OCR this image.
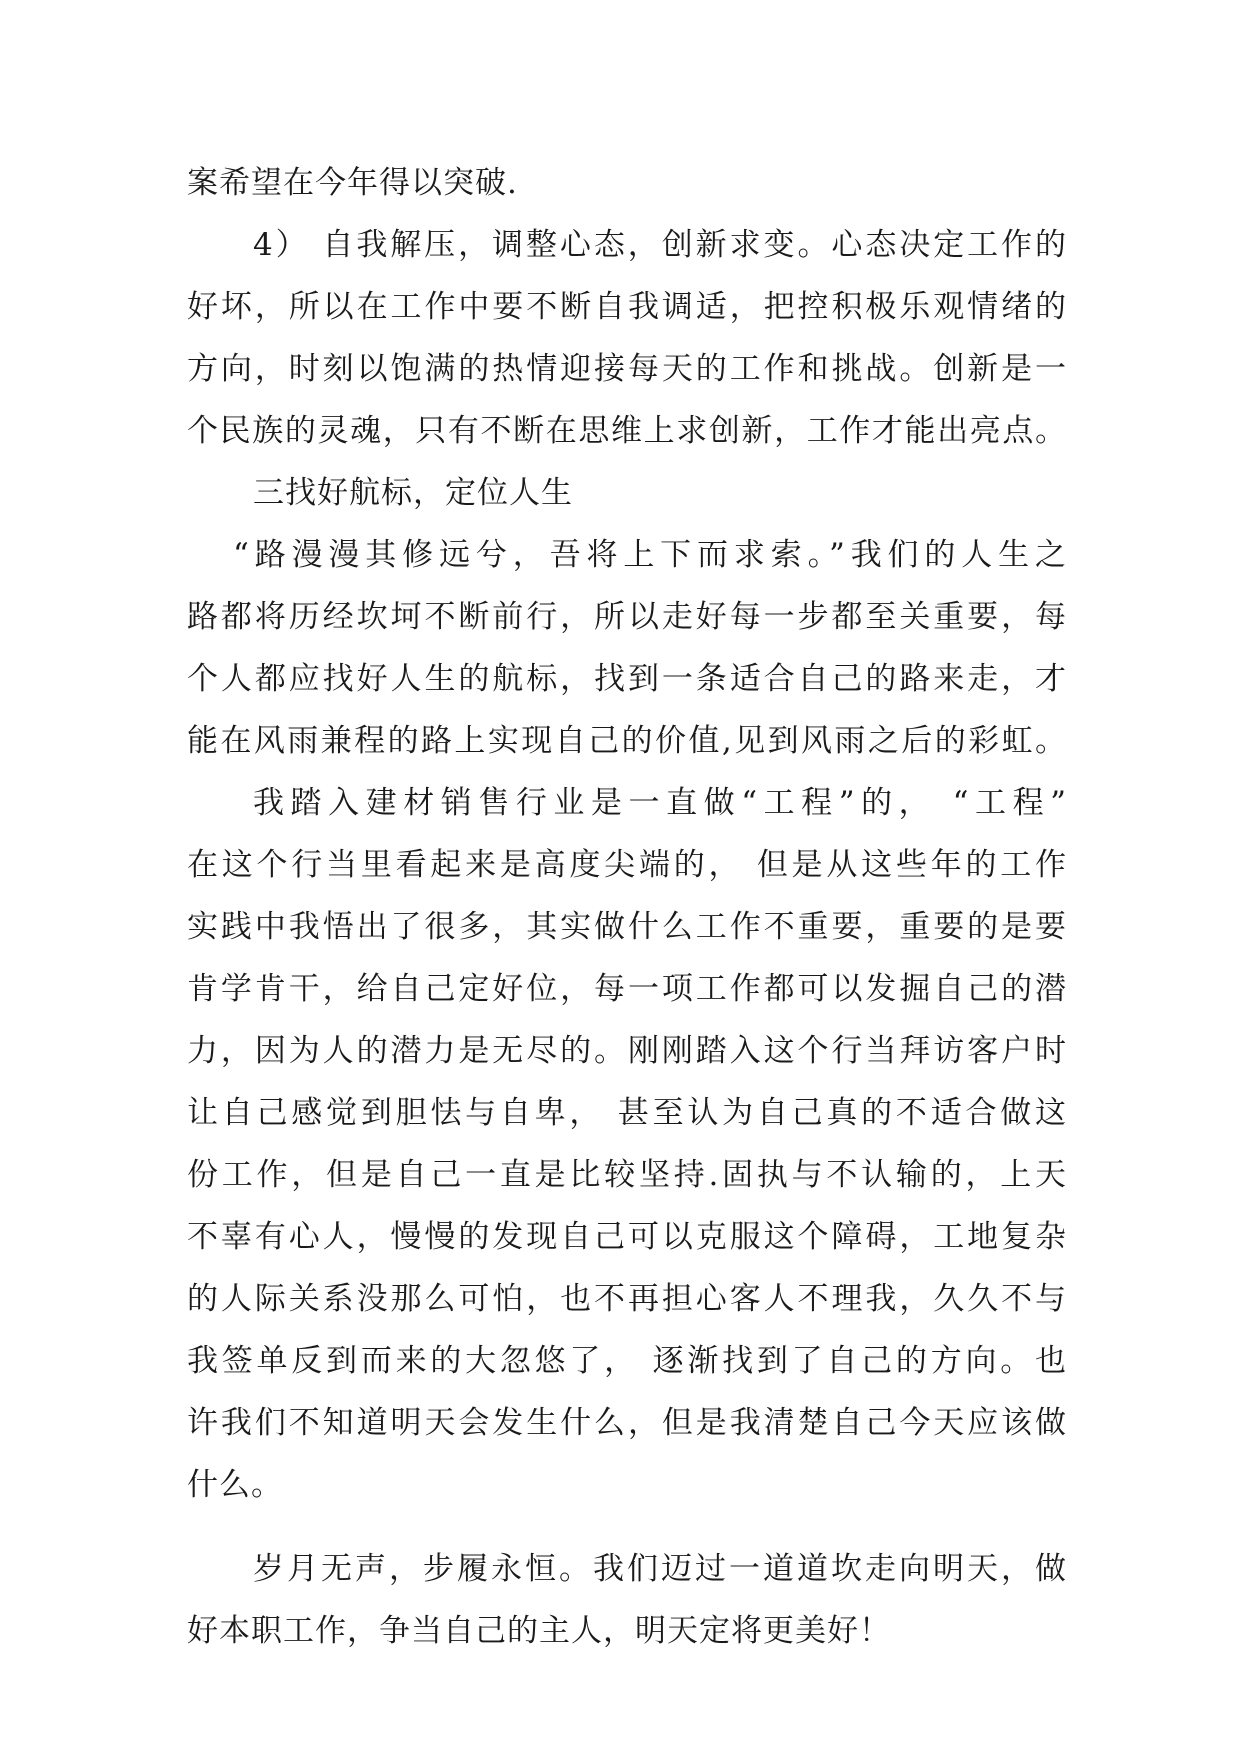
案希望在今年得以突破.
4） 自我解压，调整心态，创新求变。心态决定工作的
好坏，所以在工作中要不断自我调适，把控积极乐观情绪的
方向，时刻以饱满的热情迎接每天的工作和挑战。创新是一
个民族的灵魂，只有不断在思维上求创新，工作才能出亮点。
三找好航标，定位人生
“路漫漫其修远兮，吾将上下而求索。”我们的人生之
路都将历经坎坷不断前行，所以走好每一步都至关重要，每
个人都应找好人生的航标，找到一条适合自己的路来走，才
能在风雨兼程的路上实现自己的价值,见到风雨之后的彩虹。
我踏入建材销售行业是一直做“工程”的， “工程”
在这个行当里看起来是高度尖端的， 但是从这些年的工作
实践中我悟出了很多，其实做什么工作不重要，重要的是要
肯学肯干，给自己定好位，每一项工作都可以发掘自己的潜
力，因为人的潜力是无尽的。刚刚踏入这个行当拜访客户时
让自己感觉到胆怯与自卑， 甚至认为自己真的不适合做这
份工作，但是自己一直是比较坚持.固执与不认输的，上天
不辜有心人，慢慢的发现自己可以克服这个障碍，工地复杂
的人际关系没那么可怕，也不再担心客人不理我，久久不与
我签单反到而来的大忽悠了， 逐渐找到了自己的方向。也
许我们不知道明天会发生什么，但是我清楚自己今天应该做
什么。
岁月无声，步履永恒。我们迈过一道道坎走向明天，做
好本职工作，争当自己的主人，明天定将更美好！
